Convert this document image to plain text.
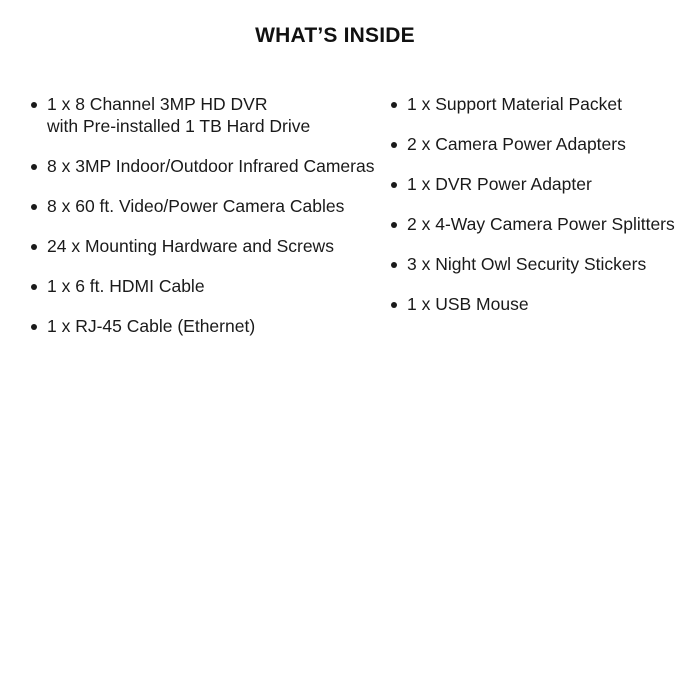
WHAT’S INSIDE
1 x 8 Channel 3MP HD DVR
with Pre-installed 1 TB Hard Drive
8 x 3MP Indoor/Outdoor Infrared Cameras
8 x 60 ft. Video/Power Camera Cables
24 x Mounting Hardware and Screws
1 x 6 ft. HDMI Cable
1 x RJ-45 Cable (Ethernet)
1 x Support Material Packet
2 x Camera Power Adapters
1 x DVR Power Adapter
2 x 4-Way Camera Power Splitters
3 x Night Owl Security Stickers
1 x USB Mouse
